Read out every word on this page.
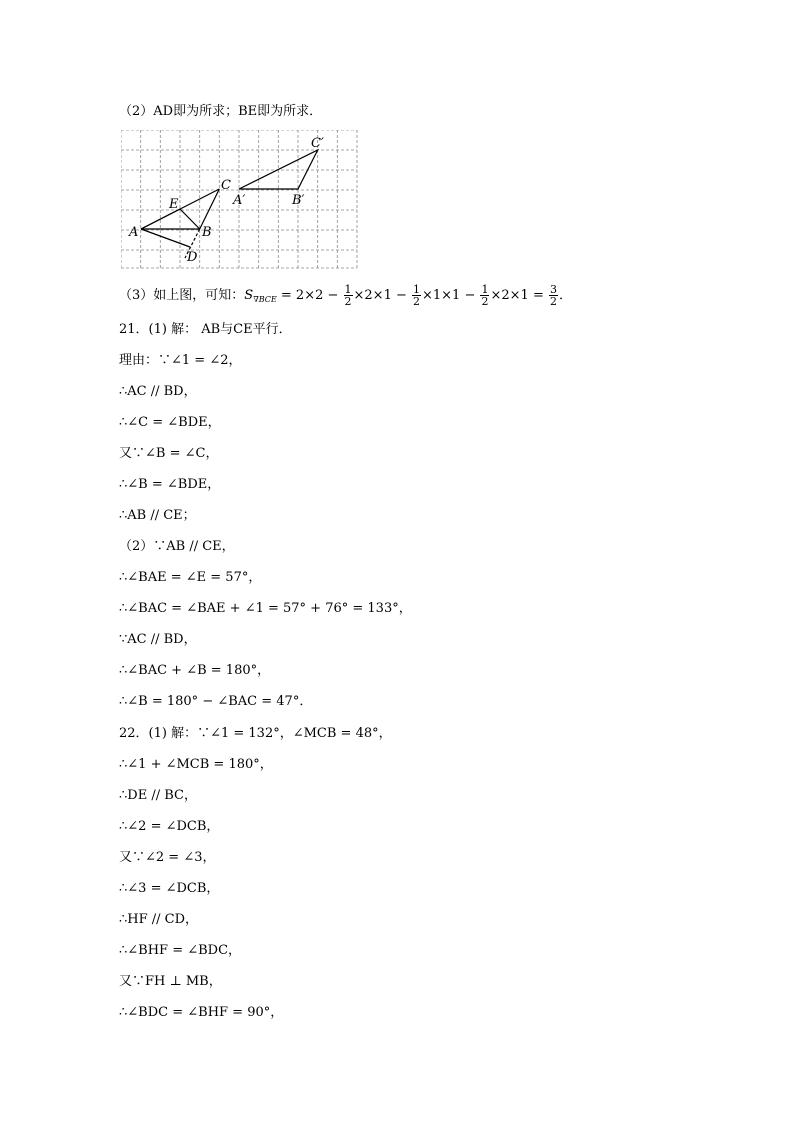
（2）AD即为所求；BE即为所求．
C′
A′	B′
C
E
A	B
D
（3）如上图，可知：$S_{\nabla BCE} = 2\times 2 - \frac{1}{2} \times 2\times 1 - \frac{1}{2} \times 1\times 1 - \frac{1}{2} \times 2\times 1 = \frac{3}{2}$ ．
21．(1) 解： AB与CE平行．
理由：∵∠1 = ∠2，
∴AC // BD，
∴∠C = ∠BDE，
又∵∠B = ∠C，
∴∠B = ∠BDE，
∴AB // CE；
（2）∵AB // CE，
∴∠BAE = ∠E = 57°，
∴∠BAC = ∠BAE + ∠1 = 57° + 76° = 133°，
∵AC // BD，
∴∠BAC + ∠B = 180°，
∴∠B = 180° − ∠BAC = 47°．
22．(1) 解：∵∠1 = 132°，∠MCB = 48°，
∴∠1 + ∠MCB = 180°，
∴DE // BC，
∴∠2 = ∠DCB，
又∵∠2 = ∠3，
∴∠3 = ∠DCB，
∴HF // CD，
∴∠BHF = ∠BDC，
又∵FH ⊥ MB，
∴∠BDC = ∠BHF = 90°，
